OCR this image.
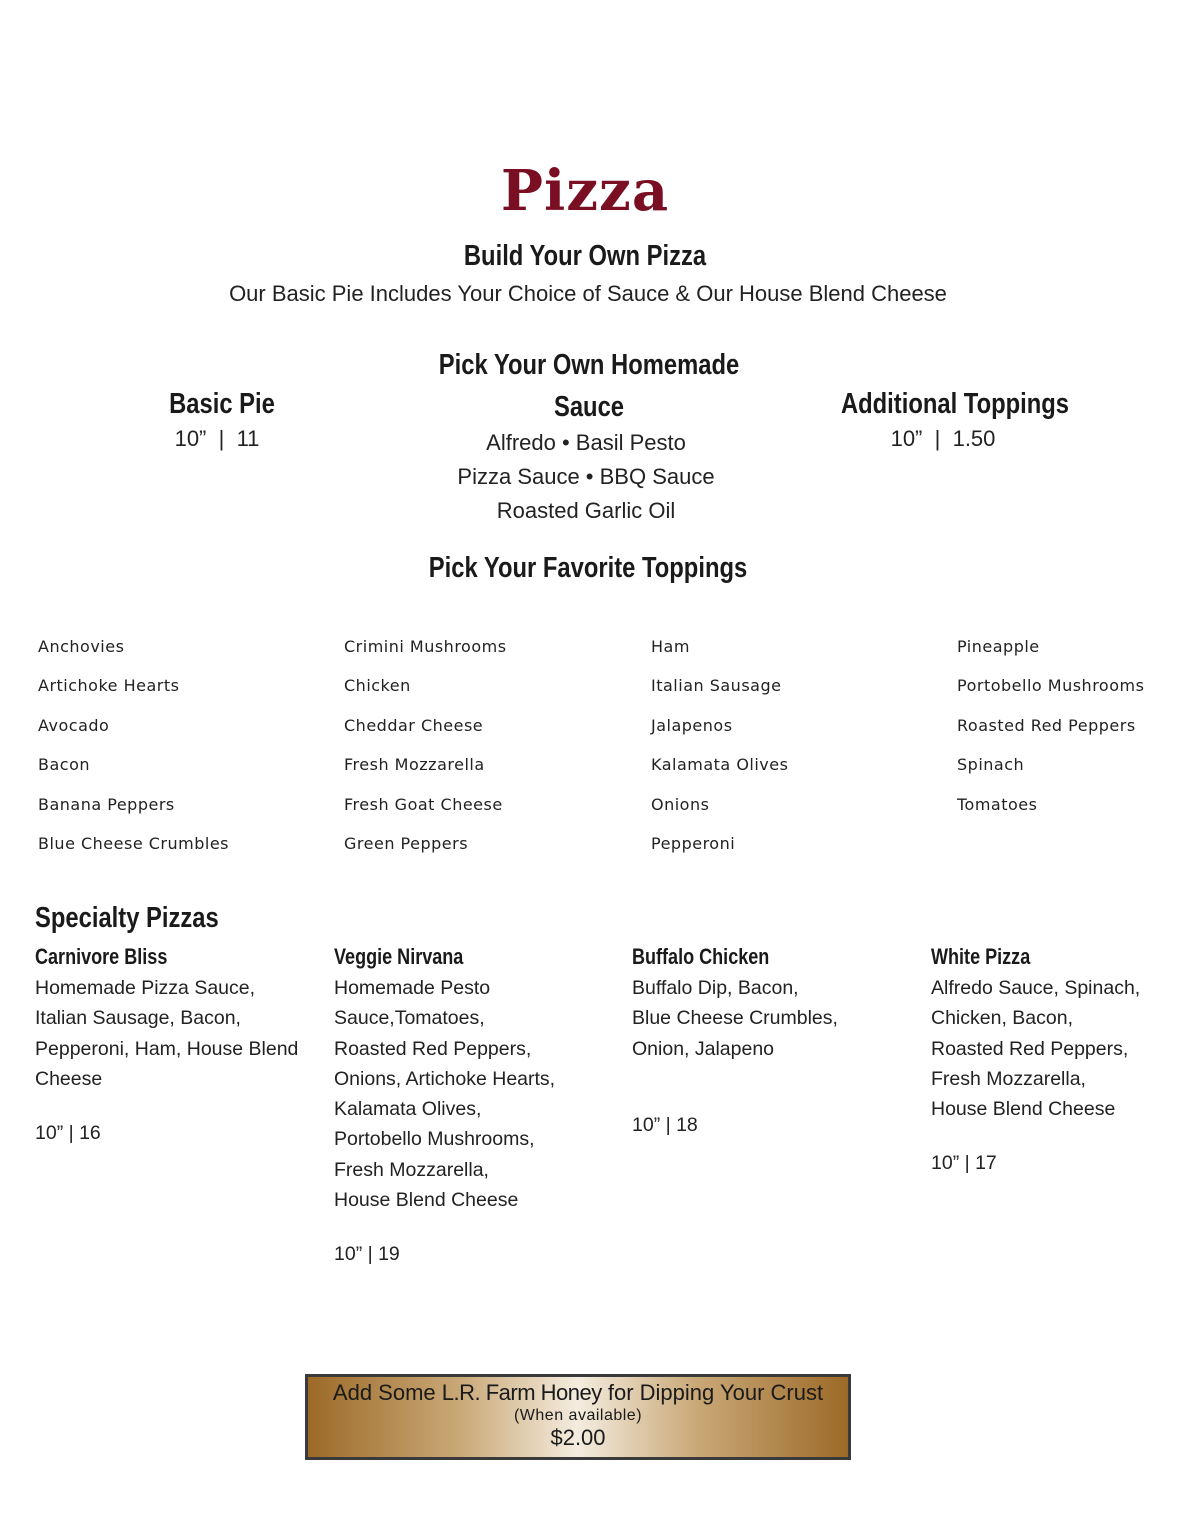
Pizza
Build Your Own Pizza
Our Basic Pie Includes Your Choice of Sauce & Our House Blend Cheese
Basic Pie
10”  |  11
Pick Your Own Homemade
Sauce
Alfredo • Basil Pesto
Pizza Sauce • BBQ Sauce
Roasted Garlic Oil
Additional Toppings
10”  |  1.50
Pick Your Favorite Toppings
Anchovies
Artichoke Hearts
Avocado
Bacon
Banana Peppers
Blue Cheese Crumbles
Crimini Mushrooms
Chicken
Cheddar Cheese
Fresh Mozzarella
Fresh Goat Cheese
Green Peppers
Ham
Italian Sausage
Jalapenos
Kalamata Olives
Onions
Pepperoni
Pineapple
Portobello Mushrooms
Roasted Red Peppers
Spinach
Tomatoes
Specialty Pizzas
Carnivore Bliss
Homemade Pizza Sauce,
Italian Sausage, Bacon,
Pepperoni, Ham, House Blend
Cheese
10” | 16
Veggie Nirvana
Homemade Pesto
Sauce,Tomatoes,
Roasted Red Peppers,
Onions, Artichoke Hearts,
Kalamata Olives,
Portobello Mushrooms,
Fresh Mozzarella,
House Blend Cheese
10” | 19
Buffalo Chicken
Buffalo Dip, Bacon,
Blue Cheese Crumbles,
Onion, Jalapeno
10” | 18
White Pizza
Alfredo Sauce, Spinach,
Chicken, Bacon,
Roasted Red Peppers,
Fresh Mozzarella,
House Blend Cheese
10” | 17
Add Some L.R. Farm Honey for Dipping Your Crust
(When available)
$2.00
